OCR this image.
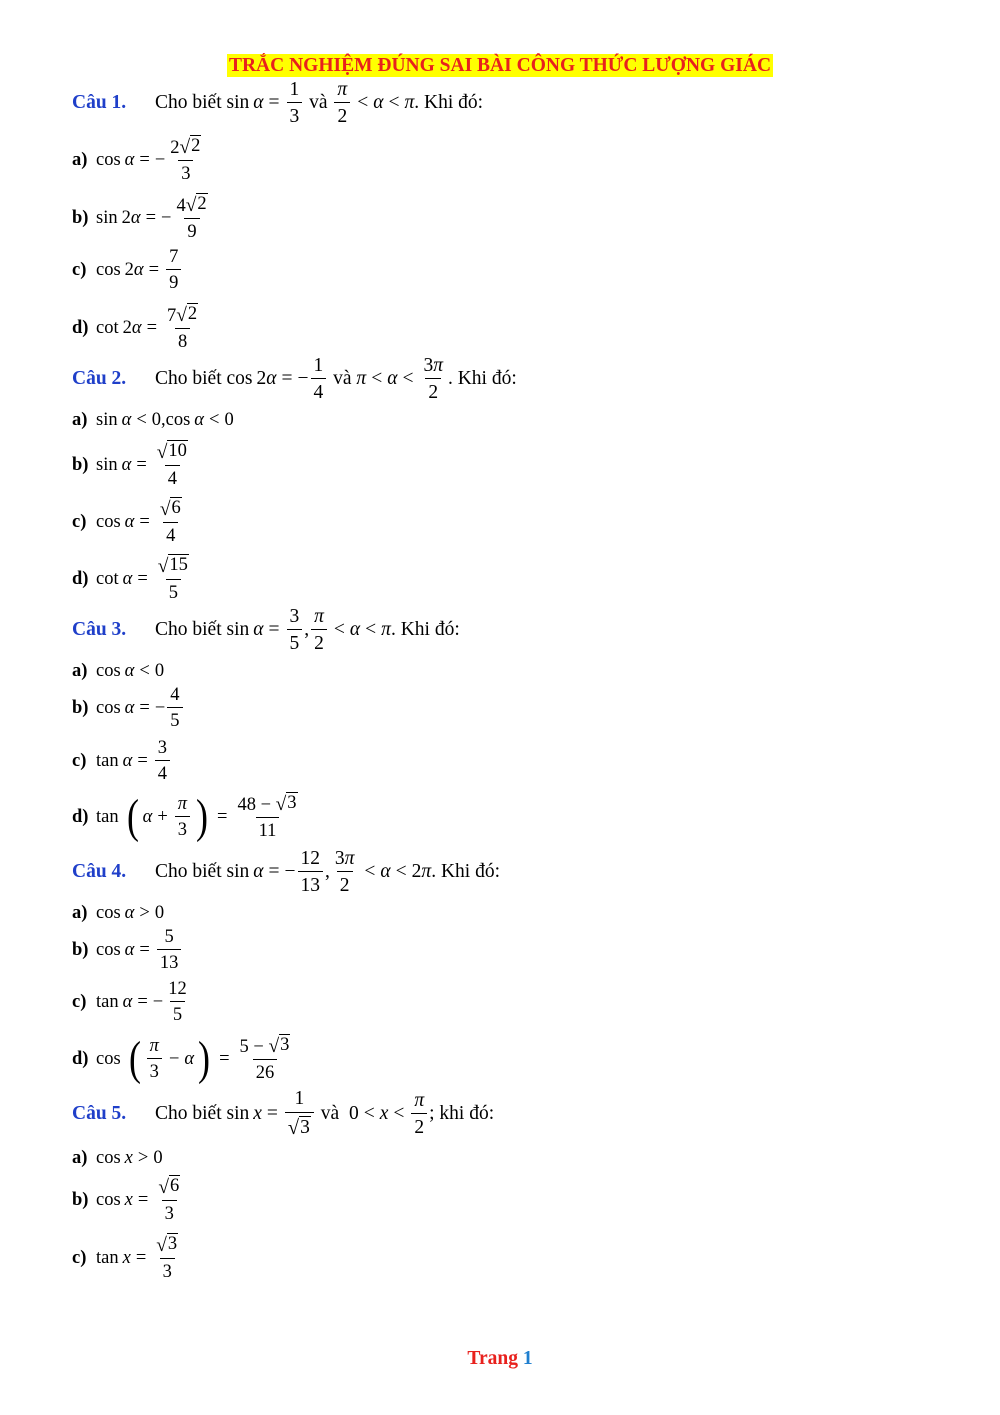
TRẮC NGHIỆM ĐÚNG SAI BÀI CÔNG THỨC LƯỢNG GIÁC
Câu 1.	Cho biết
$\sin \alpha = \frac{1}{3}$
và
$\frac{\pi}{2} < \alpha < \pi$ . Khi đó:
a) cos α = − $\frac{2 √ 2}{3}$
b) sin 2 α = − $\frac{4 √ 2}{9}$
c) cos 2 $\alpha = \frac{7}{9}$
d) cot 2 $\alpha = \frac{7 √ 2}{8}$
Câu 2.	Cho biết
cos 2 α = − $\frac{1}{4}$
và
$\pi < \alpha < \frac{3\pi}{2}$ . Khi đó:
a) sin α < 0, cos α < 0
b) $\sin \alpha = \frac{√ 10}{4}$
c) $\cos \alpha = \frac{√ 6}{4}$
d) $\cot \alpha = \frac{√ 15}{5}$
Câu 3.	Cho biết
$\sin \alpha = \frac{3}{5}$ , $\frac{\pi}{2} < \alpha < \pi$ . Khi đó:
a) cos α < 0
b) cos α = − $\frac{4}{5}$
c) $\tan \alpha = \frac{3}{4}$
d) tan ( $\alpha + \frac{\pi}{3}$ ) = $\frac{48 - √ 3}{11}$
Câu 4.	Cho biết
sin α = − $\frac{12}{13}$ , $\frac{3\pi}{2} < \alpha < 2$ π . Khi đó:
a) cos α > 0
b) $\cos \alpha = \frac{5}{13}$
c) tan α = − $\frac{12}{5}$
d) cos ( $\frac{\pi}{3} - \alpha$ ) = $\frac{5 - √ 3}{26}$
Câu 5.	Cho biết
$\sin x = \frac{1}{√ 3}$
và $0 < x < \frac{\pi}{2}$ ; khi đó:
a) cos x > 0
b) $\cos x = \frac{√ 6}{3}$
c) $\tan x = \frac{√ 3}{3}$
Trang 1
